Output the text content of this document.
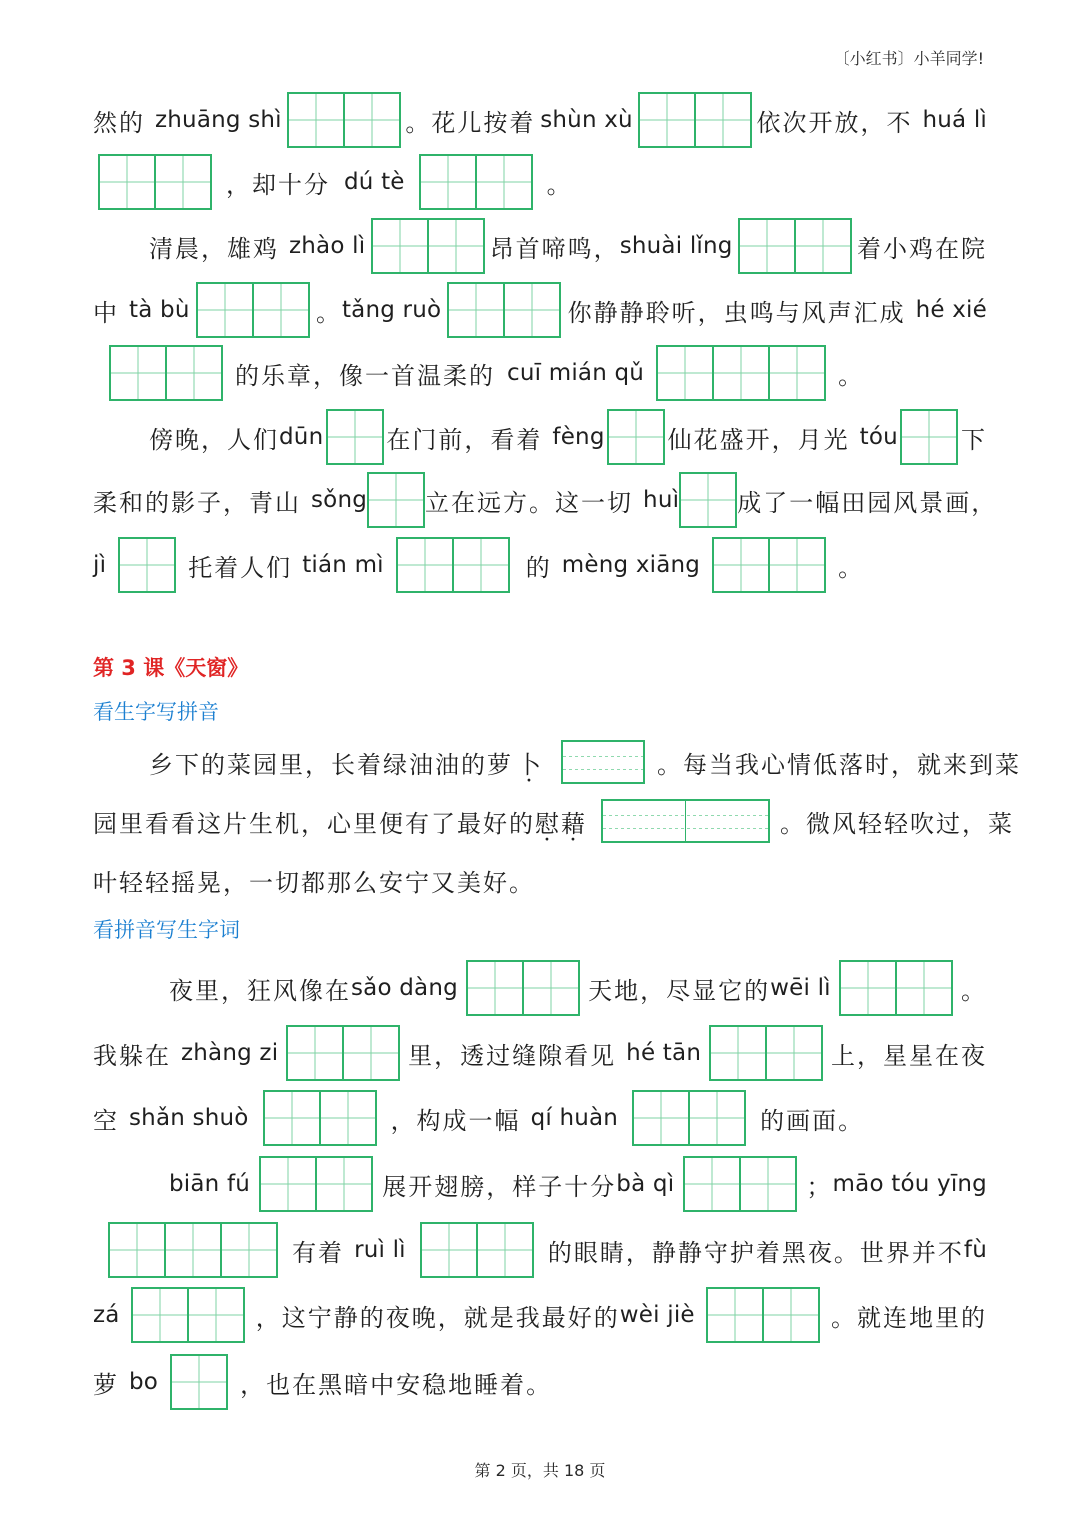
〔小红书〕小羊同学!
然的 zhuāng shì	。花儿按着 shùn xù	依次开放，不 huá lì
，却十分 dú tè	。
清晨，雄鸡 zhào lì	昂首啼鸣， shuài lǐng	着小鸡在院
中 tà bù	。 tǎng ruò	你静静聆听，虫鸣与风声汇成 hé xié
的乐章，像一首温柔的 cuī mián qǔ	。
傍晚，人们 dūn	在门前，看着 fèng	仙花盛开，月光 tóu	下
柔和的影子，青山 sǒng 立在远方。这一切 huì 成了一幅田园风景画，
jì	托着人们 tián mì	的 mèng xiāng	。
第 3 课《天窗》
看生字写拼音
乡下的菜园里，长着绿油油的萝 卜 ·	。每当我心情低落时，就来到菜
园里看看这片生机，心里便有了最好的 慰 · 藉 ·	。微风轻轻吹过，菜
叶轻轻摇晃，一切都那么安宁又美好。
看拼音写生字词
夜里，狂风像在 sǎo dàng	天地，尽显它的 wēi lì	。
我躲在 zhàng zi	里，透过缝隙看见 hé tān	上，星星在夜
空 shǎn shuò	，构成一幅 qí huàn	的画面。
biān fú	展开翅膀，样子十分 bà qì	； māo tóu yīng
有着 ruì lì	的眼睛，静静守护着黑夜。世界并不 fù
zá	，这宁静的夜晚，就是我最好的 wèi jiè	。就连地里的
萝 bo	，也在黑暗中安稳地睡着。
第 2 页，共 18 页
